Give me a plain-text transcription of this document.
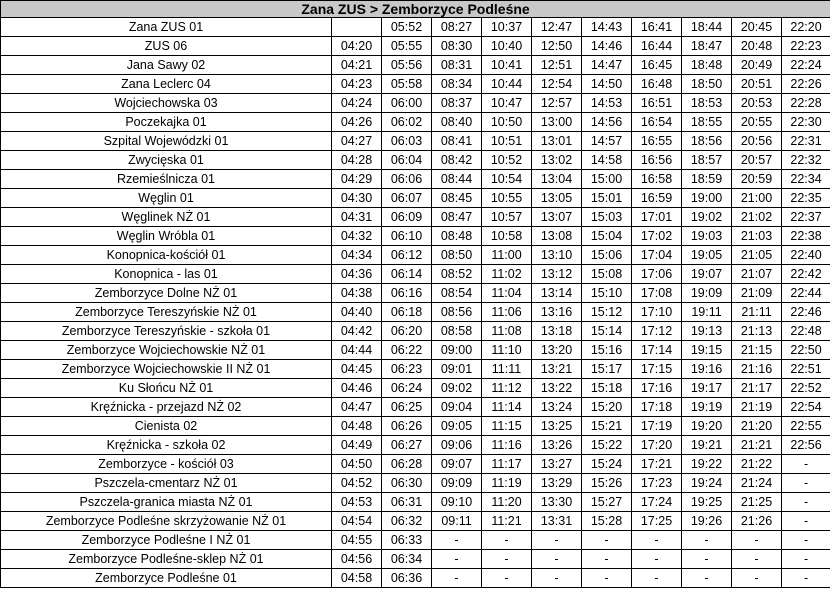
Zana ZUS > Zemborzyce Podleśne										
Zana ZUS 01		05:52	08:27	10:37	12:47	14:43	16:41	18:44	20:45	22:20
ZUS 06	04:20	05:55	08:30	10:40	12:50	14:46	16:44	18:47	20:48	22:23
Jana Sawy 02	04:21	05:56	08:31	10:41	12:51	14:47	16:45	18:48	20:49	22:24
Zana Leclerc 04	04:23	05:58	08:34	10:44	12:54	14:50	16:48	18:50	20:51	22:26
Wojciechowska 03	04:24	06:00	08:37	10:47	12:57	14:53	16:51	18:53	20:53	22:28
Poczekajka 01	04:26	06:02	08:40	10:50	13:00	14:56	16:54	18:55	20:55	22:30
Szpital Wojewódzki 01	04:27	06:03	08:41	10:51	13:01	14:57	16:55	18:56	20:56	22:31
Zwycięska 01	04:28	06:04	08:42	10:52	13:02	14:58	16:56	18:57	20:57	22:32
Rzemieślnicza 01	04:29	06:06	08:44	10:54	13:04	15:00	16:58	18:59	20:59	22:34
Węglin 01	04:30	06:07	08:45	10:55	13:05	15:01	16:59	19:00	21:00	22:35
Węglinek NŻ 01	04:31	06:09	08:47	10:57	13:07	15:03	17:01	19:02	21:02	22:37
Węglin Wróbla 01	04:32	06:10	08:48	10:58	13:08	15:04	17:02	19:03	21:03	22:38
Konopnica-kościół 01	04:34	06:12	08:50	11:00	13:10	15:06	17:04	19:05	21:05	22:40
Konopnica - las 01	04:36	06:14	08:52	11:02	13:12	15:08	17:06	19:07	21:07	22:42
Zemborzyce Dolne NŻ 01	04:38	06:16	08:54	11:04	13:14	15:10	17:08	19:09	21:09	22:44
Zemborzyce Tereszyńskie NŻ 01	04:40	06:18	08:56	11:06	13:16	15:12	17:10	19:11	21:11	22:46
Zemborzyce Tereszyńskie - szkoła 01	04:42	06:20	08:58	11:08	13:18	15:14	17:12	19:13	21:13	22:48
Zemborzyce Wojciechowskie NŻ 01	04:44	06:22	09:00	11:10	13:20	15:16	17:14	19:15	21:15	22:50
Zemborzyce Wojciechowskie II NŻ 01	04:45	06:23	09:01	11:11	13:21	15:17	17:15	19:16	21:16	22:51
Ku Słońcu NŻ 01	04:46	06:24	09:02	11:12	13:22	15:18	17:16	19:17	21:17	22:52
Kręźnicka - przejazd NŻ 02	04:47	06:25	09:04	11:14	13:24	15:20	17:18	19:19	21:19	22:54
Cienista 02	04:48	06:26	09:05	11:15	13:25	15:21	17:19	19:20	21:20	22:55
Kręźnicka - szkoła 02	04:49	06:27	09:06	11:16	13:26	15:22	17:20	19:21	21:21	22:56
Zemborzyce - kościół 03	04:50	06:28	09:07	11:17	13:27	15:24	17:21	19:22	21:22	-
Pszczela-cmentarz NŻ 01	04:52	06:30	09:09	11:19	13:29	15:26	17:23	19:24	21:24	-
Pszczela-granica miasta NŻ 01	04:53	06:31	09:10	11:20	13:30	15:27	17:24	19:25	21:25	-
Zemborzyce Podleśne skrzyżowanie NŻ 01	04:54	06:32	09:11	11:21	13:31	15:28	17:25	19:26	21:26	-
Zemborzyce Podleśne I NŻ 01	04:55	06:33	-	-	-	-	-	-	-	-
Zemborzyce Podleśne-sklep NŻ 01	04:56	06:34	-	-	-	-	-	-	-	-
Zemborzyce Podleśne 01	04:58	06:36	-	-	-	-	-	-	-	-
